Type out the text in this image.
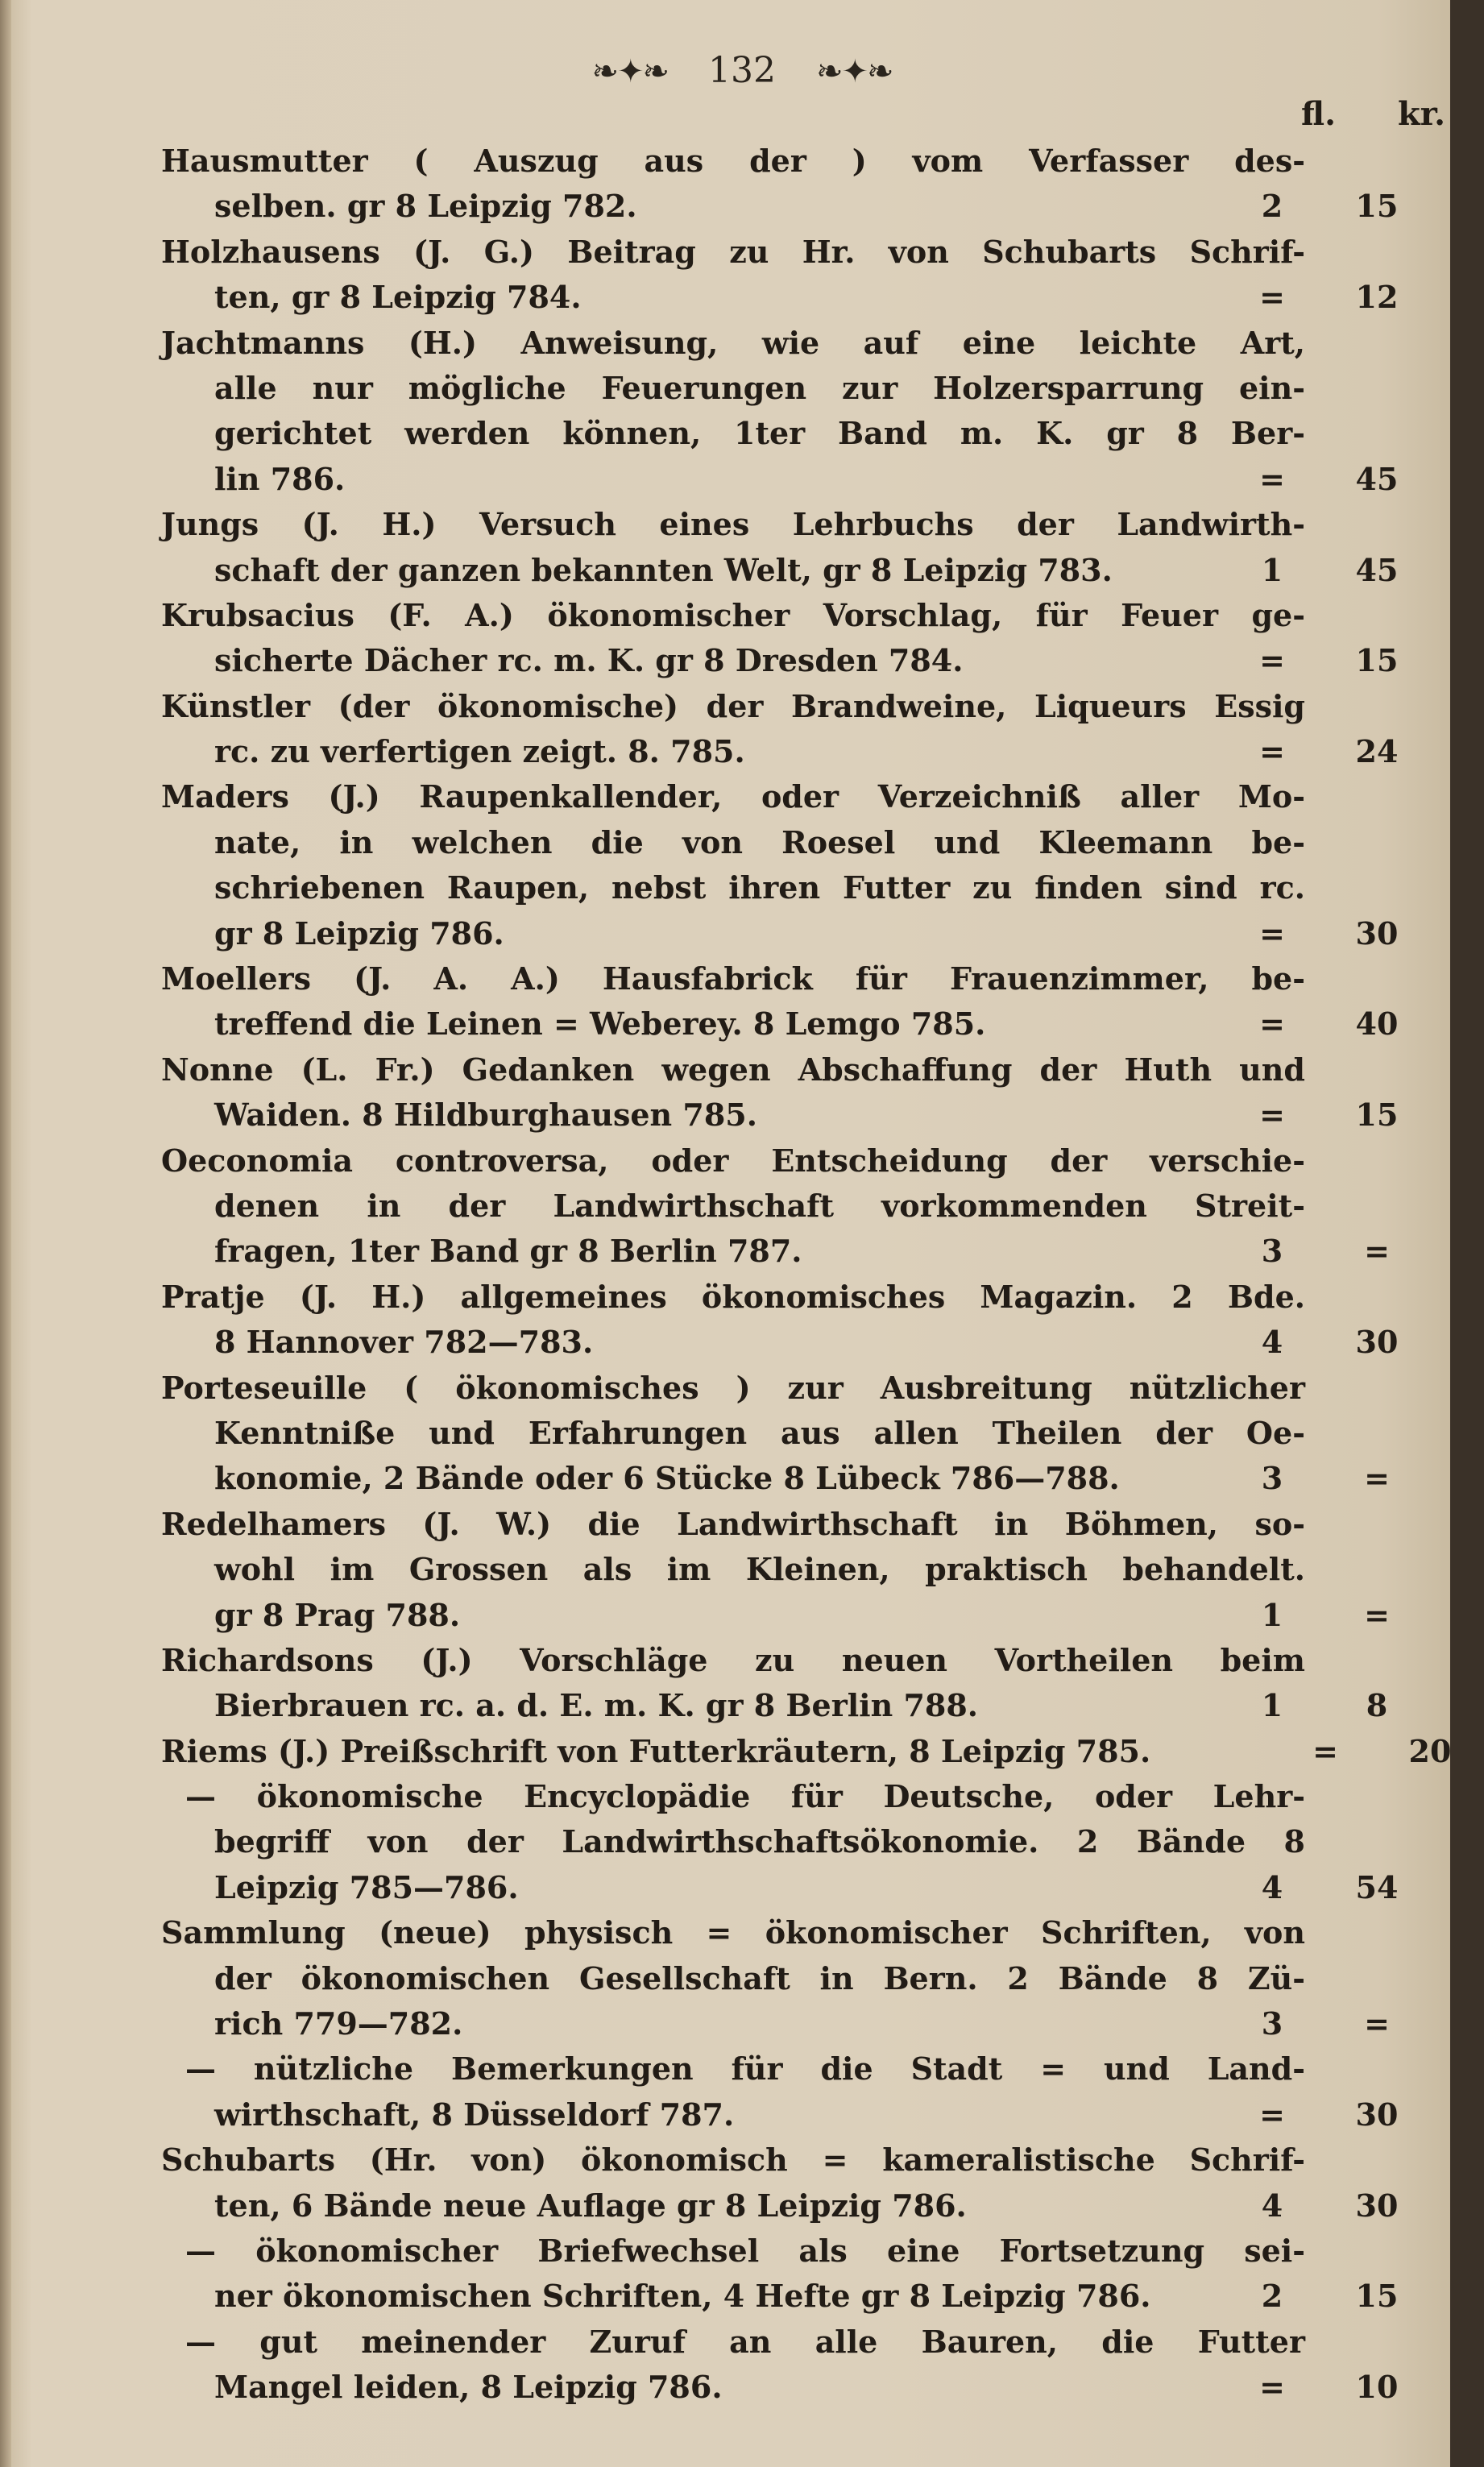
❧✦❧ 132 ❧✦❧
fl. kr.
Hausmutter ( Auszug aus der ) vom Verfasser des-
selben. gr 8 Leipzig 782.	2	15
Holzhausens (J. G.) Beitrag zu Hr. von Schubarts Schrif-
ten, gr 8 Leipzig 784.	=	12
Jachtmanns (H.) Anweisung, wie auf eine leichte Art,
alle nur mögliche Feuerungen zur Holzersparrung ein-
gerichtet werden können, 1ter Band m. K. gr 8 Ber-
lin 786.	=	45
Jungs (J. H.) Versuch eines Lehrbuchs der Landwirth-
schaft der ganzen bekannten Welt, gr 8 Leipzig 783.	1	45
Krubsacius (F. A.) ökonomischer Vorschlag, für Feuer ge-
sicherte Dächer rc. m. K. gr 8 Dresden 784.	=	15
Künstler (der ökonomische) der Brandweine, Liqueurs Essig
rc. zu verfertigen zeigt. 8. 785.	=	24
Maders (J.) Raupenkallender, oder Verzeichniß aller Mo-
nate, in welchen die von Roesel und Kleemann be-
schriebenen Raupen, nebst ihren Futter zu finden sind rc.
gr 8 Leipzig 786.	=	30
Moellers (J. A. A.) Hausfabrick für Frauenzimmer, be-
treffend die Leinen = Weberey. 8 Lemgo 785.	=	40
Nonne (L. Fr.) Gedanken wegen Abschaffung der Huth und
Waiden. 8 Hildburghausen 785.	=	15
Oeconomia controversa, oder Entscheidung der verschie-
denen in der Landwirthschaft vorkommenden Streit-
fragen, 1ter Band gr 8 Berlin 787.	3	=
Pratje (J. H.) allgemeines ökonomisches Magazin. 2 Bde.
8 Hannover 782—783.	4	30
Porteseuille ( ökonomisches ) zur Ausbreitung nützlicher
Kenntniße und Erfahrungen aus allen Theilen der Oe-
konomie, 2 Bände oder 6 Stücke 8 Lübeck 786—788.	3	=
Redelhamers (J. W.) die Landwirthschaft in Böhmen, so-
wohl im Grossen als im Kleinen, praktisch behandelt.
gr 8 Prag 788.	1	=
Richardsons (J.) Vorschläge zu neuen Vortheilen beim
Bierbrauen rc. a. d. E. m. K. gr 8 Berlin 788.	1	8
Riems (J.) Preißschrift von Futterkräutern, 8 Leipzig 785.	=	20
— ökonomische Encyclopädie für Deutsche, oder Lehr-
begriff von der Landwirthschaftsökonomie. 2 Bände 8
Leipzig 785—786.	4	54
Sammlung (neue) physisch = ökonomischer Schriften, von
der ökonomischen Gesellschaft in Bern. 2 Bände 8 Zü-
rich 779—782.	3	=
— nützliche Bemerkungen für die Stadt = und Land-
wirthschaft, 8 Düsseldorf 787.	=	30
Schubarts (Hr. von) ökonomisch = kameralistische Schrif-
ten, 6 Bände neue Auflage gr 8 Leipzig 786.	4	30
— ökonomischer Briefwechsel als eine Fortsetzung sei-
ner ökonomischen Schriften, 4 Hefte gr 8 Leipzig 786.	2	15
— gut meinender Zuruf an alle Bauren, die Futter
Mangel leiden, 8 Leipzig 786.	=	10
